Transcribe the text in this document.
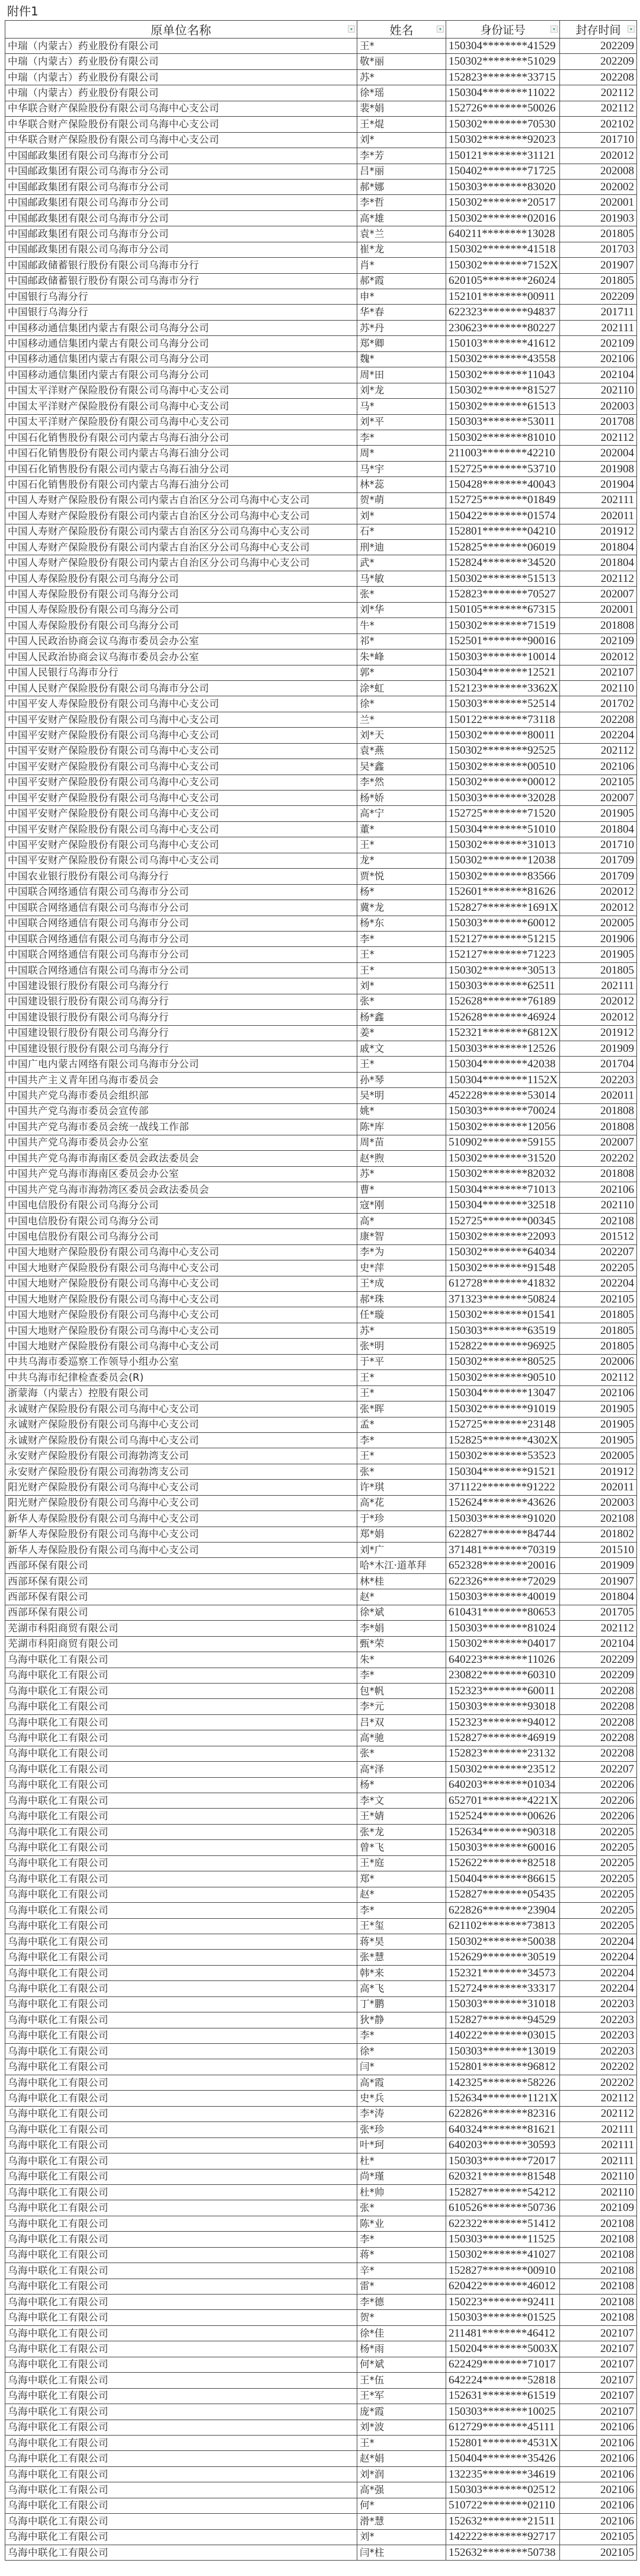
附件1
原单位名称	姓名	身份证号	封存时间

中瑞（内蒙古）药业股份有限公司	王*	150304********41529	202209
中瑞（内蒙古）药业股份有限公司	敬*丽	150302********51029	202209
中瑞（内蒙古）药业股份有限公司	苏*	152823********33715	202208
中瑞（内蒙古）药业股份有限公司	徐*瑶	150304********11022	202112
中华联合财产保险股份有限公司乌海中心支公司	裴*娟	152726********50026	202112
中华联合财产保险股份有限公司乌海中心支公司	王*焜	150302********70530	202102
中华联合财产保险股份有限公司乌海中心支公司	刘*	150302********92023	201710
中国邮政集团有限公司乌海市分公司	李*芳	150121********31121	202012
中国邮政集团有限公司乌海市分公司	吕*丽	150402********71725	202008
中国邮政集团有限公司乌海市分公司	郝*娜	150303********83020	202002
中国邮政集团有限公司乌海市分公司	李*哲	150302********20517	202001
中国邮政集团有限公司乌海市分公司	高*雄	150302********02016	201903
中国邮政集团有限公司乌海市分公司	袁*兰	640211********13028	201805
中国邮政集团有限公司乌海市分公司	崔*龙	150302********41518	201703
中国邮政储蓄银行股份有限公司乌海市分行	肖*	150302********7152X	201907
中国邮政储蓄银行股份有限公司乌海市分行	郝*霞	620105********26024	201805
中国银行乌海分行	申*	152101********00911	202209
中国银行乌海分行	华*春	622323********94837	201711
中国移动通信集团内蒙古有限公司乌海分公司	苏*丹	230623********80227	202111
中国移动通信集团内蒙古有限公司乌海分公司	郑*卿	150103********41612	202109
中国移动通信集团内蒙古有限公司乌海分公司	魏*	150302********43558	202106
中国移动通信集团内蒙古有限公司乌海分公司	周*田	150302********11043	202104
中国太平洋财产保险股份有限公司乌海中心支公司	刘*龙	150302********81527	202110
中国太平洋财产保险股份有限公司乌海中心支公司	马*	150302********61513	202003
中国太平洋财产保险股份有限公司乌海中心支公司	刘*平	150303********53011	201708
中国石化销售股份有限公司内蒙古乌海石油分公司	李*	150302********81010	202112
中国石化销售股份有限公司内蒙古乌海石油分公司	周*	211003********42210	202004
中国石化销售股份有限公司内蒙古乌海石油分公司	马*宇	152725********53710	201908
中国石化销售股份有限公司内蒙古乌海石油分公司	林*蕊	150428********40043	201904
中国人寿财产保险股份有限公司内蒙古自治区分公司乌海中心支公司	贺*萌	152725********01849	202111
中国人寿财产保险股份有限公司内蒙古自治区分公司乌海中心支公司	刘*	150422********01574	202011
中国人寿财产保险股份有限公司内蒙古自治区分公司乌海中心支公司	石*	152801********04210	201912
中国人寿财产保险股份有限公司内蒙古自治区分公司乌海中心支公司	刑*迪	152825********06019	201804
中国人寿财产保险股份有限公司内蒙古自治区分公司乌海中心支公司	武*	152824********34520	201804
中国人寿保险股份有限公司乌海分公司	马*敏	150302********51513	202112
中国人寿保险股份有限公司乌海分公司	张*	152823********70527	202007
中国人寿保险股份有限公司乌海分公司	刘*华	150105********67315	202001
中国人寿保险股份有限公司乌海分公司	牛*	150302********71519	201808
中国人民政治协商会议乌海市委员会办公室	祁*	152501********90016	202109
中国人民政治协商会议乌海市委员会办公室	朱*峰	150303********10014	202012
中国人民银行乌海市分行	郭*	150304********12521	202107
中国人民财产保险股份有限公司乌海市分公司	涂*虹	152123********3362X	202110
中国平安人寿保险股份有限公司乌海中心支公司	徐*	150303********52514	201702
中国平安财产保险股份有限公司乌海中心支公司	兰*	150122********73118	202208
中国平安财产保险股份有限公司乌海中心支公司	刘*天	150302********80011	202204
中国平安财产保险股份有限公司乌海中心支公司	袁*燕	150302********92525	202112
中国平安财产保险股份有限公司乌海中心支公司	吴*鑫	150302********00510	202106
中国平安财产保险股份有限公司乌海中心支公司	李*然	150302********00012	202105
中国平安财产保险股份有限公司乌海中心支公司	杨*娇	150303********32028	202007
中国平安财产保险股份有限公司乌海中心支公司	高*宁	152725********71520	201905
中国平安财产保险股份有限公司乌海中心支公司	董*	150304********51010	201804
中国平安财产保险股份有限公司乌海中心支公司	王*	150302********31013	201710
中国平安财产保险股份有限公司乌海中心支公司	龙*	150302********12038	201709
中国农业银行股份有限公司乌海分行	贾*悦	150302********83566	201709
中国联合网络通信有限公司乌海市分公司	杨*	152601********81626	202012
中国联合网络通信有限公司乌海市分公司	冀*龙	152827********1691X	202012
中国联合网络通信有限公司乌海市分公司	杨*东	150303********60012	202005
中国联合网络通信有限公司乌海市分公司	李*	152127********51215	201906
中国联合网络通信有限公司乌海市分公司	王*	152127********71223	201905
中国联合网络通信有限公司乌海市分公司	王*	150302********30513	201805
中国建设银行股份有限公司乌海分行	刘*	150303********62511	202111
中国建设银行股份有限公司乌海分行	张*	152628********76189	202012
中国建设银行股份有限公司乌海分行	杨*鑫	152628********46924	202012
中国建设银行股份有限公司乌海分行	姜*	152321********6812X	201912
中国建设银行股份有限公司乌海分行	戚*文	150303********12526	201909
中国广电内蒙古网络有限公司乌海市分公司	王*	150304********42038	201704
中国共产主义青年团乌海市委员会	孙*琴	150304********1152X	202203
中国共产党乌海市委员会组织部	吴*明	452228********53014	202011
中国共产党乌海市委员会宣传部	姚*	150303********70024	201808
中国共产党乌海市委员会统一战线工作部	陈*库	150302********12056	201808
中国共产党乌海市委员会办公室	周*苗	510902********59155	202007
中国共产党乌海市海南区委员会政法委员会	赵*煦	150302********31520	202202
中国共产党乌海市海南区委员会办公室	苏*	150302********82032	201808
中国共产党乌海市海勃湾区委员会政法委员会	曹*	150304********71013	202106
中国电信股份有限公司乌海分公司	寇*刚	150304********32518	202110
中国电信股份有限公司乌海分公司	高*	152725********00345	202108
中国电信股份有限公司乌海分公司	康*智	150302********22093	201512
中国大地财产保险股份有限公司乌海中心支公司	李*为	150302********64034	202207
中国大地财产保险股份有限公司乌海中心支公司	史*萍	150302********91548	202205
中国大地财产保险股份有限公司乌海中心支公司	王*成	612728********41832	202204
中国大地财产保险股份有限公司乌海中心支公司	郝*珠	371323********50824	202105
中国大地财产保险股份有限公司乌海中心支公司	任*璇	150302********01541	201805
中国大地财产保险股份有限公司乌海中心支公司	苏*	150303********63519	201805
中国大地财产保险股份有限公司乌海中心支公司	张*明	152822********96925	201805
中共乌海市委巡察工作领导小组办公室	于*平	150302********80525	202006
中共乌海市纪律检查委员会(R)	王*	150302********90510	202112
浙蒙海（内蒙古）控股有限公司	王*	150304********13047	202106
永诚财产保险股份有限公司乌海中心支公司	张*晖	150302********91019	201905
永诚财产保险股份有限公司乌海中心支公司	孟*	152725********23148	201905
永诚财产保险股份有限公司乌海中心支公司	李*	152825********4302X	201905
永安财产保险股份有限公司海勃湾支公司	王*	150302********53523	202005
永安财产保险股份有限公司海勃湾支公司	张*	150304********91521	201912
阳光财产保险股份有限公司乌海中心支公司	许*琪	371122********91222	202011
阳光财产保险股份有限公司乌海中心支公司	高*花	152624********43626	202003
新华人寿保险股份有限公司乌海中心支公司	于*珍	150303********91020	202108
新华人寿保险股份有限公司乌海中心支公司	郑*娟	622827********84744	201802
新华人寿保险股份有限公司乌海中心支公司	刘*广	371481********70319	201510
西部环保有限公司	哈*木江·道革拜	652328********20016	201909
西部环保有限公司	林*桂	622326********72029	201907
西部环保有限公司	赵*	150303********40019	201804
西部环保有限公司	徐*斌	610431********80653	201705
芜湖市科阳商贸有限公司	李*娟	150303********81024	202112
芜湖市科阳商贸有限公司	甄*荣	150302********04017	202104
乌海中联化工有限公司	朱*	640223********11026	202209
乌海中联化工有限公司	李*	230822********60310	202209
乌海中联化工有限公司	包*帆	152323********60011	202208
乌海中联化工有限公司	李*元	150303********93018	202208
乌海中联化工有限公司	吕*双	152323********94012	202208
乌海中联化工有限公司	高*驰	152827********46919	202208
乌海中联化工有限公司	张*	152823********23132	202208
乌海中联化工有限公司	高*泽	150302********23512	202207
乌海中联化工有限公司	杨*	640203********01034	202206
乌海中联化工有限公司	李*文	652701********4221X	202206
乌海中联化工有限公司	王*婧	152524********00626	202206
乌海中联化工有限公司	张*龙	152634********90318	202205
乌海中联化工有限公司	曾*飞	150303********60016	202205
乌海中联化工有限公司	王*庭	152622********82518	202205
乌海中联化工有限公司	郑*	150404********86615	202205
乌海中联化工有限公司	赵*	152827********05435	202205
乌海中联化工有限公司	李*	622826********23904	202205
乌海中联化工有限公司	王*玺	621102********73813	202205
乌海中联化工有限公司	蒋*昊	150302********50038	202204
乌海中联化工有限公司	张*慧	152629********30519	202204
乌海中联化工有限公司	韩*来	152321********34573	202204
乌海中联化工有限公司	高*飞	152724********33317	202204
乌海中联化工有限公司	丁*鹏	150303********31018	202203
乌海中联化工有限公司	狄*静	152827********94529	202203
乌海中联化工有限公司	李*	140222********03015	202203
乌海中联化工有限公司	徐*	150303********13019	202203
乌海中联化工有限公司	闫*	152801********96812	202202
乌海中联化工有限公司	高*霞	142325********58226	202202
乌海中联化工有限公司	史*兵	152634********1121X	202112
乌海中联化工有限公司	李*涛	622826********82316	202112
乌海中联化工有限公司	张*珍	640324********81621	202111
乌海中联化工有限公司	叶*珂	640203********30593	202111
乌海中联化工有限公司	杜*	150303********72017	202111
乌海中联化工有限公司	尚*瑾	620321********81548	202110
乌海中联化工有限公司	杜*帅	152827********54212	202110
乌海中联化工有限公司	张*	610526********50736	202109
乌海中联化工有限公司	陈*业	622322********51412	202108
乌海中联化工有限公司	李*	150303********11525	202108
乌海中联化工有限公司	蒋*	150302********41027	202108
乌海中联化工有限公司	辛*	152827********00910	202108
乌海中联化工有限公司	雷*	620422********46012	202108
乌海中联化工有限公司	李*德	150223********92411	202108
乌海中联化工有限公司	贺*	150303********01525	202108
乌海中联化工有限公司	徐*佳	211481********46412	202107
乌海中联化工有限公司	杨*雨	150204********5003X	202107
乌海中联化工有限公司	何*斌	622429********71017	202107
乌海中联化工有限公司	王*伍	642224********52818	202107
乌海中联化工有限公司	王*军	152631********61519	202107
乌海中联化工有限公司	庞*霞	150303********10025	202107
乌海中联化工有限公司	刘*波	612729********45111	202106
乌海中联化工有限公司	王*	152801********4531X	202106
乌海中联化工有限公司	赵*娟	150404********35426	202106
乌海中联化工有限公司	刘*润	132235********34619	202106
乌海中联化工有限公司	高*强	150303********02512	202106
乌海中联化工有限公司	何*	510722********02110	202106
乌海中联化工有限公司	滑*慧	152632********21511	202106
乌海中联化工有限公司	刘*	142222********92717	202105
乌海中联化工有限公司	闫*柱	152632********50738	202105
